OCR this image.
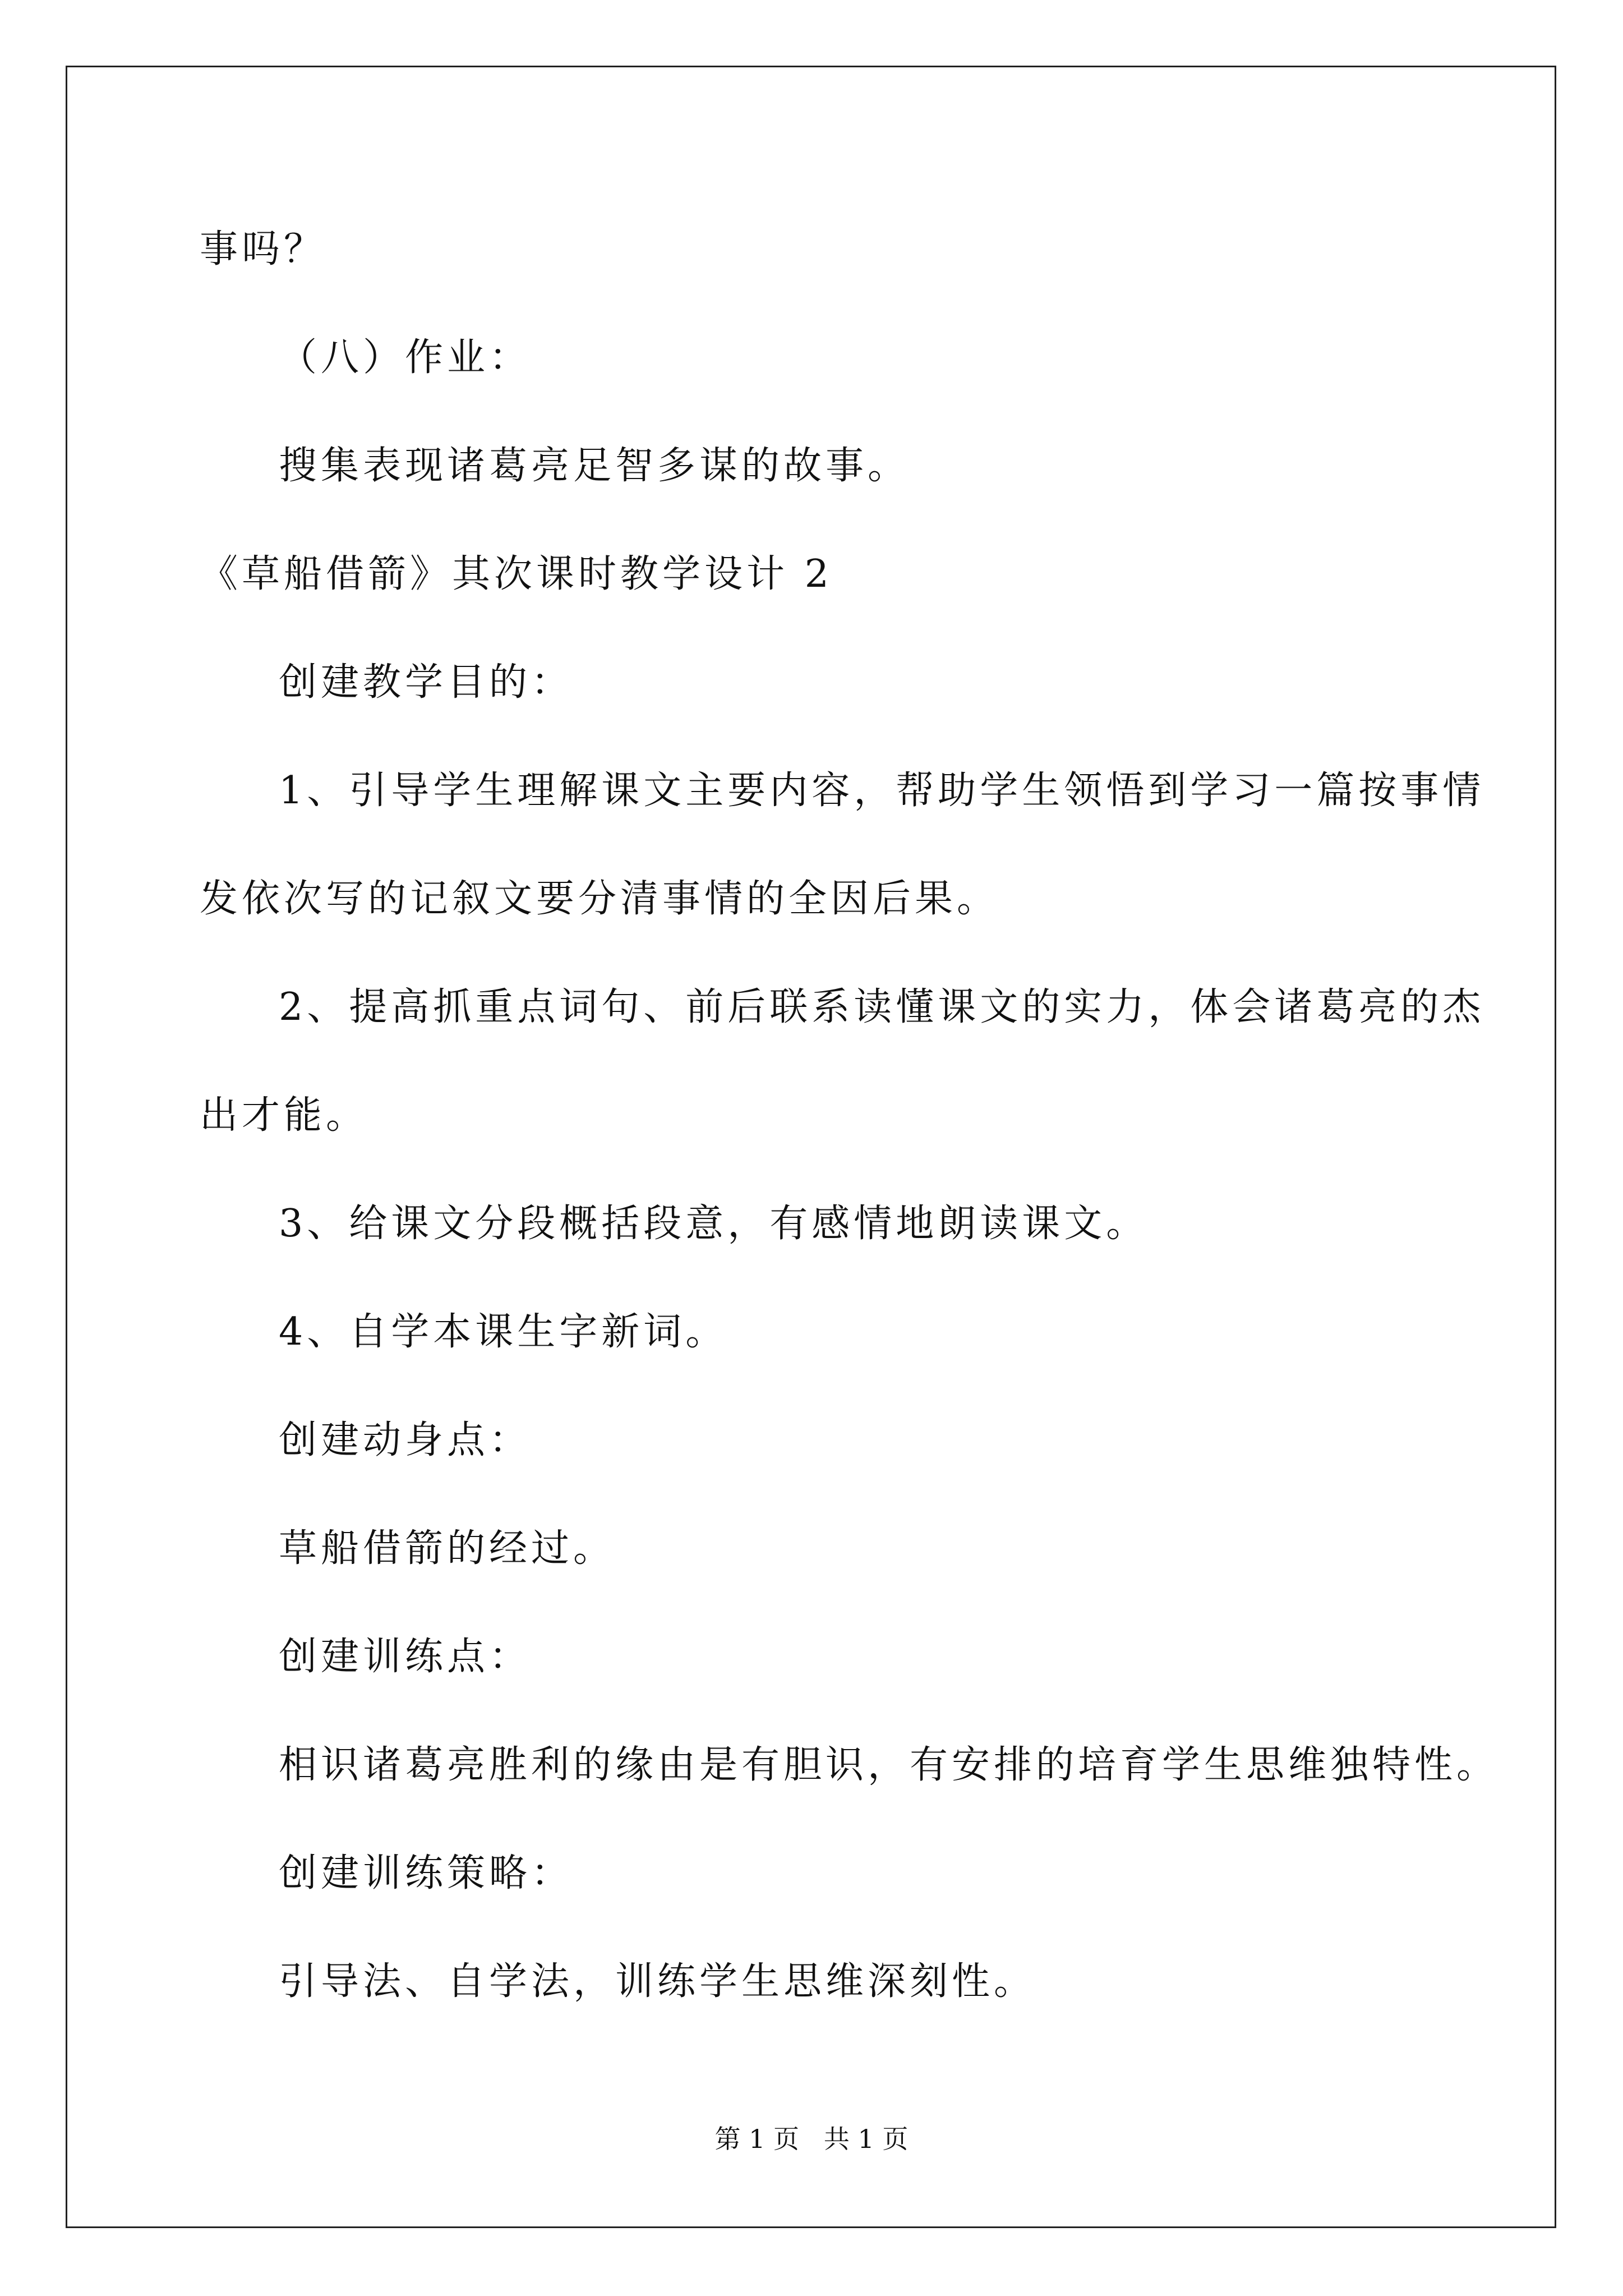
事吗？
（八）作业：
搜集表现诸葛亮足智多谋的故事。
《草船借箭》其次课时教学设计 2
创建教学目的：
1、引导学生理解课文主要内容，帮助学生领悟到学习一篇按事情
发依次写的记叙文要分清事情的全因后果。
2、提高抓重点词句、前后联系读懂课文的实力，体会诸葛亮的杰
出才能。
3、给课文分段概括段意，有感情地朗读课文。
4、自学本课生字新词。
创建动身点：
草船借箭的经过。
创建训练点：
相识诸葛亮胜利的缘由是有胆识，有安排的培育学生思维独特性。
创建训练策略：
引导法、自学法，训练学生思维深刻性。
第 1 页   共 1 页
